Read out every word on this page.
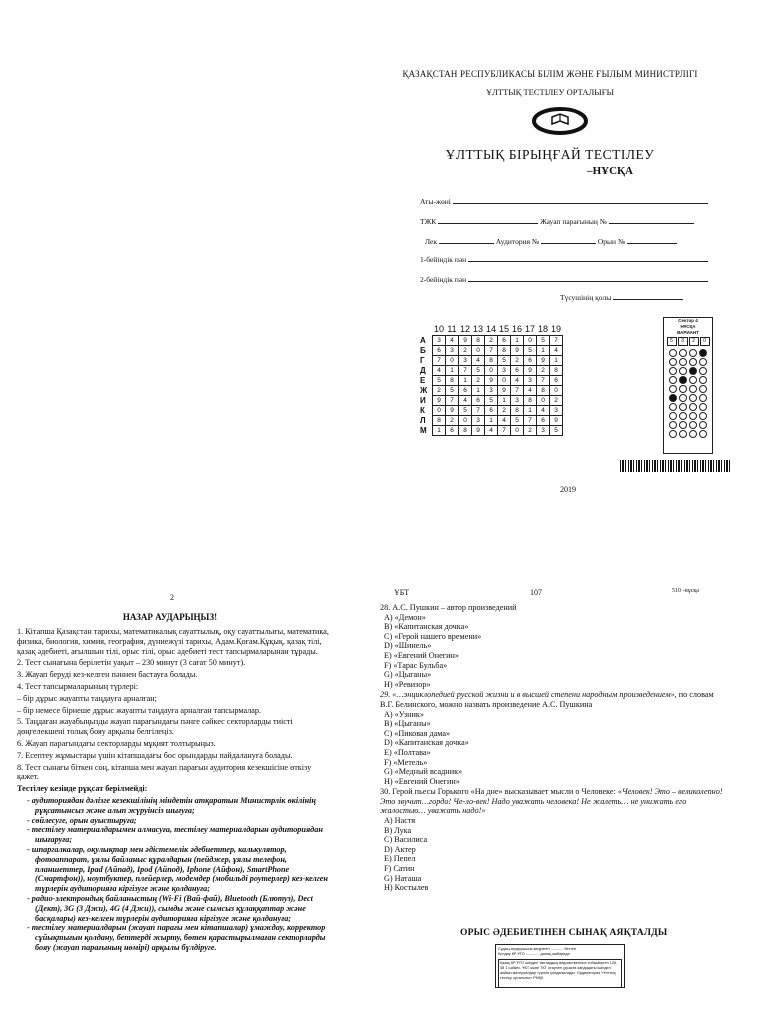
ҚАЗАҚСТАН РЕСПУБЛИКАСЫ БІЛІМ ЖӘНЕ ҒЫЛЫМ МИНИСТРЛІГІ
ҰЛТТЫҚ ТЕСТІЛЕУ ОРТАЛЫҒЫ
ҰЛТТЫҚ БІРЫҢҒАЙ ТЕСТІЛЕУ
–НҰСҚА
Аты-жөні
ТЖК	Жауап парағының №
Лек	Аудитория №	Орын №
1-бейіндік пән
2-бейіндік пән
Түсушінің қолы
	10	11	12	13	14	15	16	17	18	19
А	3	4	9	8	2	6	1	0	5	7
Б	6	3	2	0	7	8	9	5	1	4
Г	7	0	3	4	8	5	2	6	9	1
Д	4	1	7	5	0	3	6	9	2	8
Е	5	8	1	2	9	0	4	3	7	6
Ж	2	5	6	1	3	9	7	4	8	0
И	9	7	4	6	5	1	3	8	0	2
К	0	9	5	7	6	2	8	1	4	3
Л	8	2	0	3	1	4	5	7	6	9
М	1	6	8	9	4	7	0	2	3	5
Сектор 4
НҰСҚА
ВАРИАНТ
5	3	2	0
2019
2
НАЗАР АУДАРЫҢЫЗ!

1. Кітапша Қазақстан тарихы, математикалық сауаттылық, оқу сауаттылығы, математика, физика, биология, химия, география, дүниежүзі тарихы, Адам.Қоғам.Құқық, қазақ тілі, қазақ әдебиеті, ағылшын тілі, орыс тілі, орыс әдебиеті тест тапсырмаларынан тұрады.

2. Тест сынағына берілетін уақыт – 230 минут (3 сағат 50 минут).

3. Жауап беруді кез-келген пәннен бастауға болады.

4. Тест тапсырмаларының түрлері:

– бір дұрыс жауапты таңдауға арналған;

– бір немесе бірнеше дұрыс жауапты таңдауға арналған тапсырмалар.

5. Таңдаған жауабыңызды жауап парағындағы пәнге сәйкес секторларды тиісті дөңгелекшені толық бояу арқылы белгілеңіз.

6. Жауап парағындағы секторларды мұқият толтырыңыз.

7. Есептеу жұмыстары үшін кітапшадағы бос орындарды пайдалануға болады.

8. Тест сынағы біткен соң, кітапша мен жауап парағын аудитория кезекшісіне өткізу қажет.

Тестілеу кезінде рұқсат берілмейді:

- аудиториядан дәлізге кезекшілінің міндетін атқаратын Министрлік өкілінің рұқсатынсыз және алып жүруінсіз шығуға;
- сөйлесуге, орын ауыстыруға;
- тестілеу материалдарымен алмасуға, тестілеу материалдарын аудиториядан шығаруға;
- шпаргалкалар, оқулықтар мен әдістемелік әдебиеттер, калькулятор, фотоаппарат, ұялы байланыс құралдарын (пейджер, ұялы телефон, планшеттер, Ipad (Айпад), Ipod (Айпод), Iphone (Айфон), SmartPhone (Смартфон)), ноутбуктер, плейерлер, модемдер (мобильді роутерлер) кез-келген түрлерін аудиторияға кіргізуге және қолдануға;
- радио-электрондық байланыстың (Wi-Fi (Вай-фай), Bluetooth (Блютуз), Dect (Дект), 3G (3 Джи), 4G (4 Джи)), сымды және сымсыз құлаққаптар және басқалары) кез-келген түрлерін аудиторияға кіргізуге және қолдануға;
- тестілеу материалдарын (жауап парағы мен кітапшалар) ұмаждау, корректор сұйықтығын қолдану, беттерді жырту, бөтен қарастырылмаған секторларды бояу (жауап парағының нөмірі) арқылы бүлдіруге.
ҰБТ	107	510 -нұсқа
28. А.С. Пушкин – автор произведений
A) «Демон»
B) «Капитанская дочка»
C) «Герой нашего времени»
D) «Шинель»
E) «Евгений Онегин»
F) «Тарас Бульба»
G) «Цыганы»
H) «Ревизор»
29. «…энциклопедией русской жизни и в высшей степени народным произведением», по словам В.Г. Белинского, можно назвать произведение А.С. Пушкина
A) «Узник»
B) «Цыганы»
C) «Пиковая дама»
D) «Капитанская дочка»
E) «Полтава»
F) «Метель»
G) «Медный всадник»
H) «Евгений Онегин»
30. Герой пьесы Горького «На дне» высказывает мысли о Человеке: «Человек! Это – великолепно! Это звучит…гордо! Че-ло-век! Надо уважать человека! Не жалеть… не унижать его жалостью… уважать надо!»
A) Настя
B) Лука
C) Василиса
D) Актер
E) Пепел
F) Сатин
G) Наташа
H) Костылев
ОРЫС ӘДЕБИЕТІНЕН СЫНАҚ АЯҚТАЛДЫ
Судың атқарушысы кеңірінен ............ беттен
Қолдау КР ҰТО ............. данаң жабарида
Қазақ КР ҰТО ішіндегі таптардың ведомственных тобымерген 126, 38 1 сәйкес. ҰБТ және ТКТ отаулен ұқсаста кандидаты ішіндегі жайын материалдар түрліге қолданылады. Ординатория «Ұлттық тестіку орталығы» РМҚК
